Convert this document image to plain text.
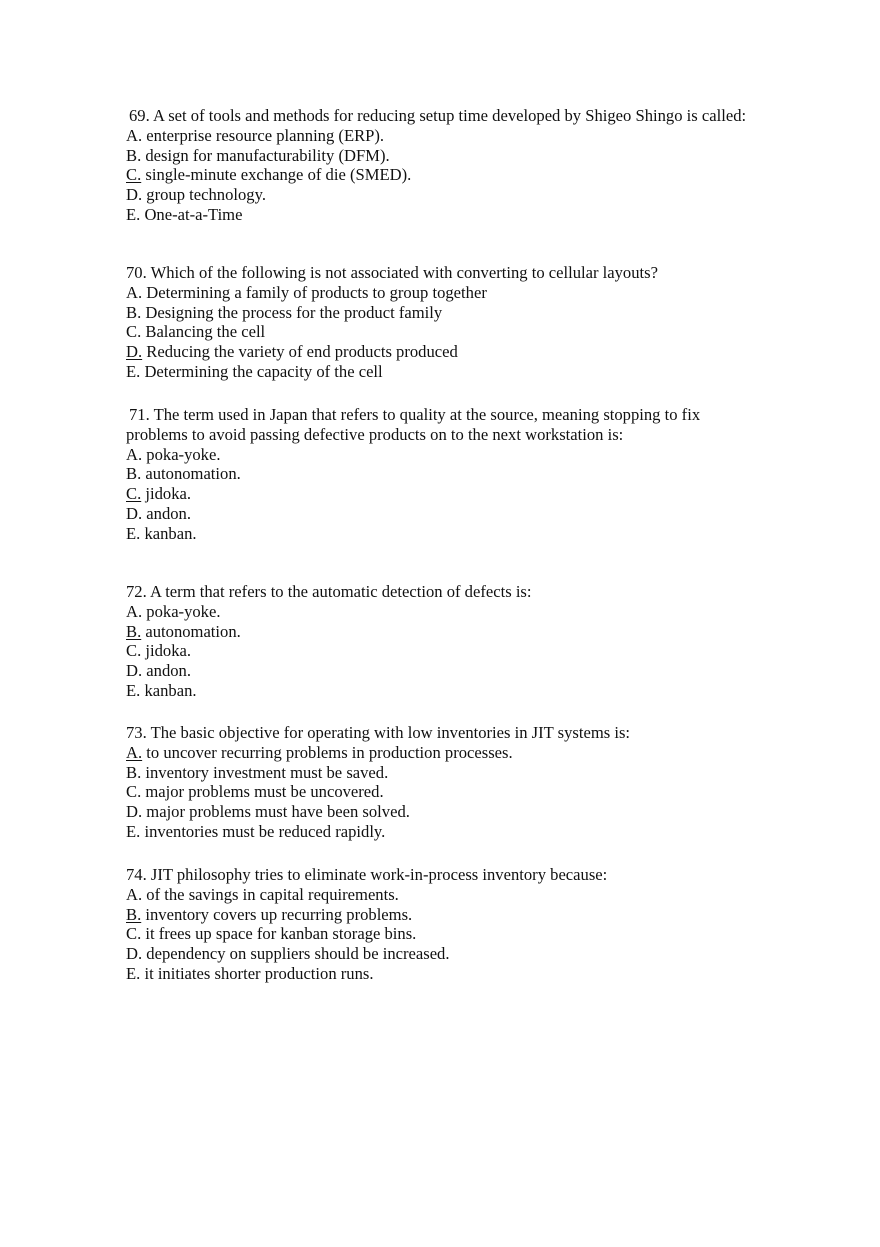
69. A set of tools and methods for reducing setup time developed by Shigeo Shingo is called:
A. enterprise resource planning (ERP).
B. design for manufacturability (DFM).
C. single-minute exchange of die (SMED).
D. group technology.
E. One-at-a-Time
70. Which of the following is not associated with converting to cellular layouts?
A. Determining a family of products to group together
B. Designing the process for the product family
C. Balancing the cell
D. Reducing the variety of end products produced
E. Determining the capacity of the cell
71. The term used in Japan that refers to quality at the source, meaning stopping to fix
problems to avoid passing defective products on to the next workstation is:
A. poka-yoke.
B. autonomation.
C. jidoka.
D. andon.
E. kanban.
72. A term that refers to the automatic detection of defects is:
A. poka-yoke.
B. autonomation.
C. jidoka.
D. andon.
E. kanban.
73. The basic objective for operating with low inventories in JIT systems is:
A. to uncover recurring problems in production processes.
B. inventory investment must be saved.
C. major problems must be uncovered.
D. major problems must have been solved.
E. inventories must be reduced rapidly.
74. JIT philosophy tries to eliminate work-in-process inventory because:
A. of the savings in capital requirements.
B. inventory covers up recurring problems.
C. it frees up space for kanban storage bins.
D. dependency on suppliers should be increased.
E. it initiates shorter production runs.
